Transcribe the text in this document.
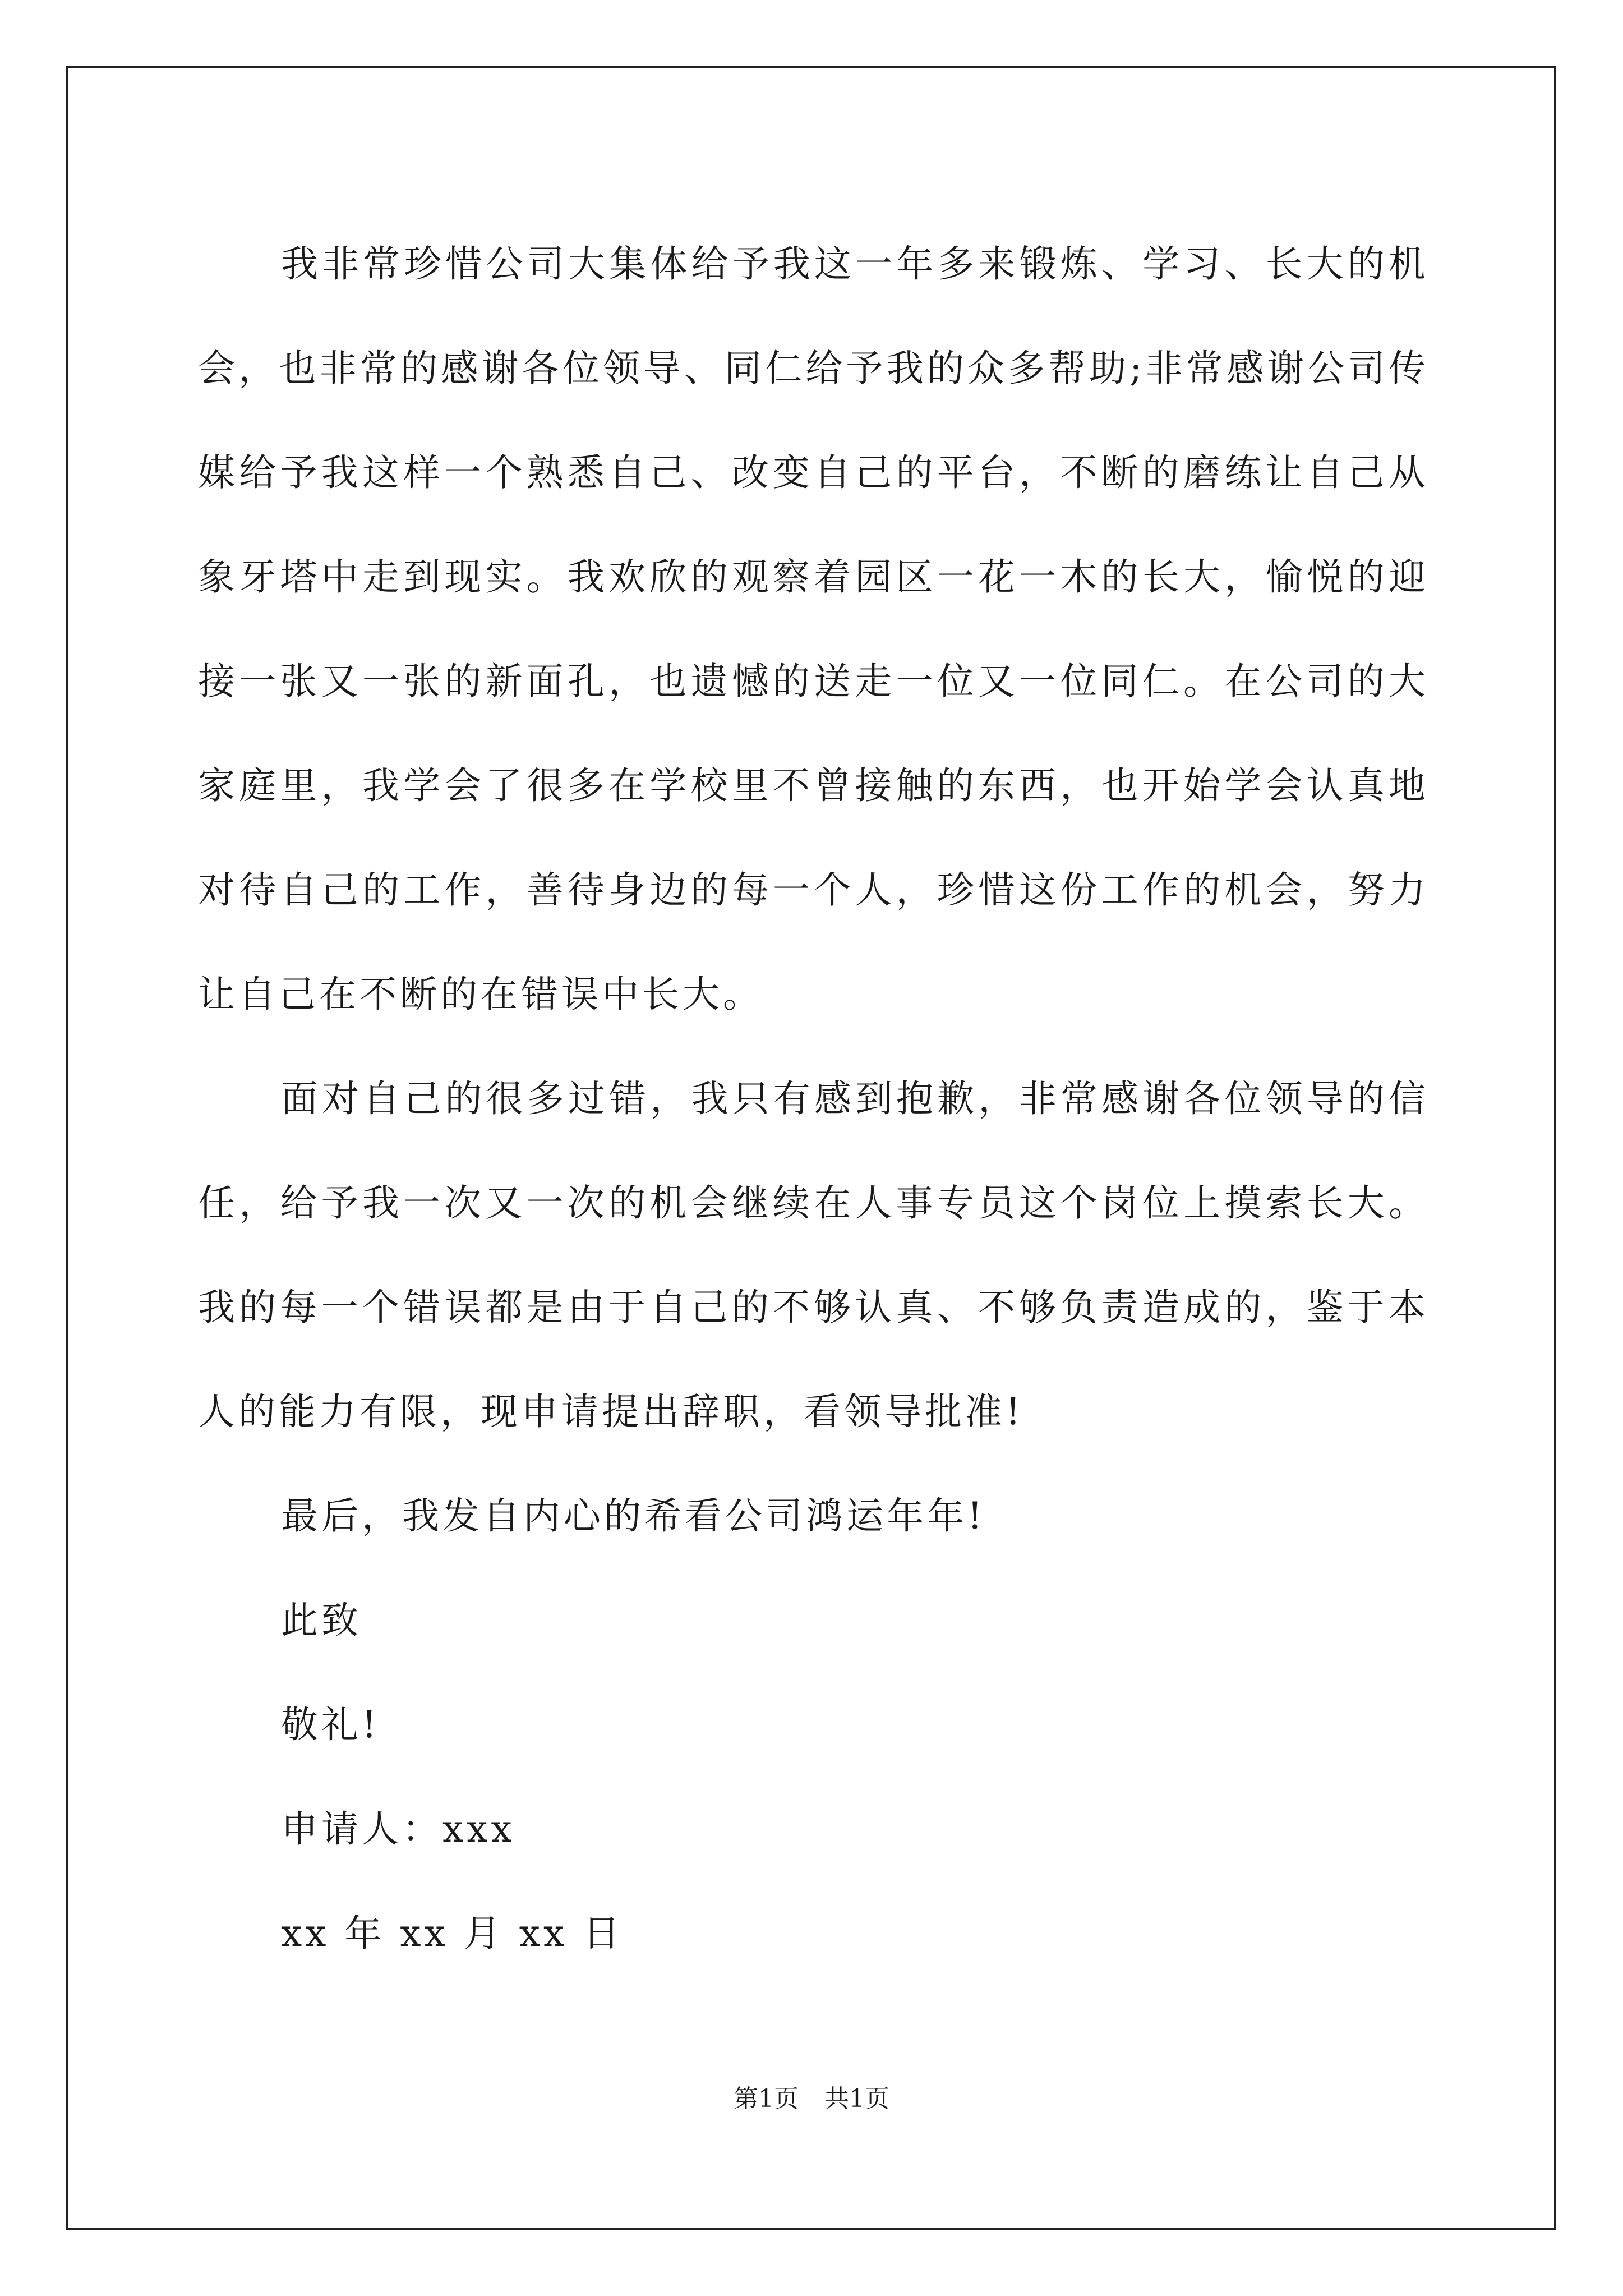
我非常珍惜公司大集体给予我这一年多来锻炼、学习、长大的机会，也非常的感谢各位领导、同仁给予我的众多帮助;非常感谢公司传媒给予我这样一个熟悉自己、改变自己的平台，不断的磨练让自己从象牙塔中走到现实。我欢欣的观察着园区一花一木的长大，愉悦的迎接一张又一张的新面孔，也遗憾的送走一位又一位同仁。在公司的大家庭里，我学会了很多在学校里不曾接触的东西，也开始学会认真地对待自己的工作，善待身边的每一个人，珍惜这份工作的机会，努力让自己在不断的在错误中长大。

面对自己的很多过错，我只有感到抱歉，非常感谢各位领导的信任，给予我一次又一次的机会继续在人事专员这个岗位上摸索长大。我的每一个错误都是由于自己的不够认真、不够负责造成的，鉴于本人的能力有限，现申请提出辞职，看领导批准!

最后，我发自内心的希看公司鸿运年年!

此致

敬礼!

申请人：xxx

xx 年 xx 月 xx 日

第1页 共1页
